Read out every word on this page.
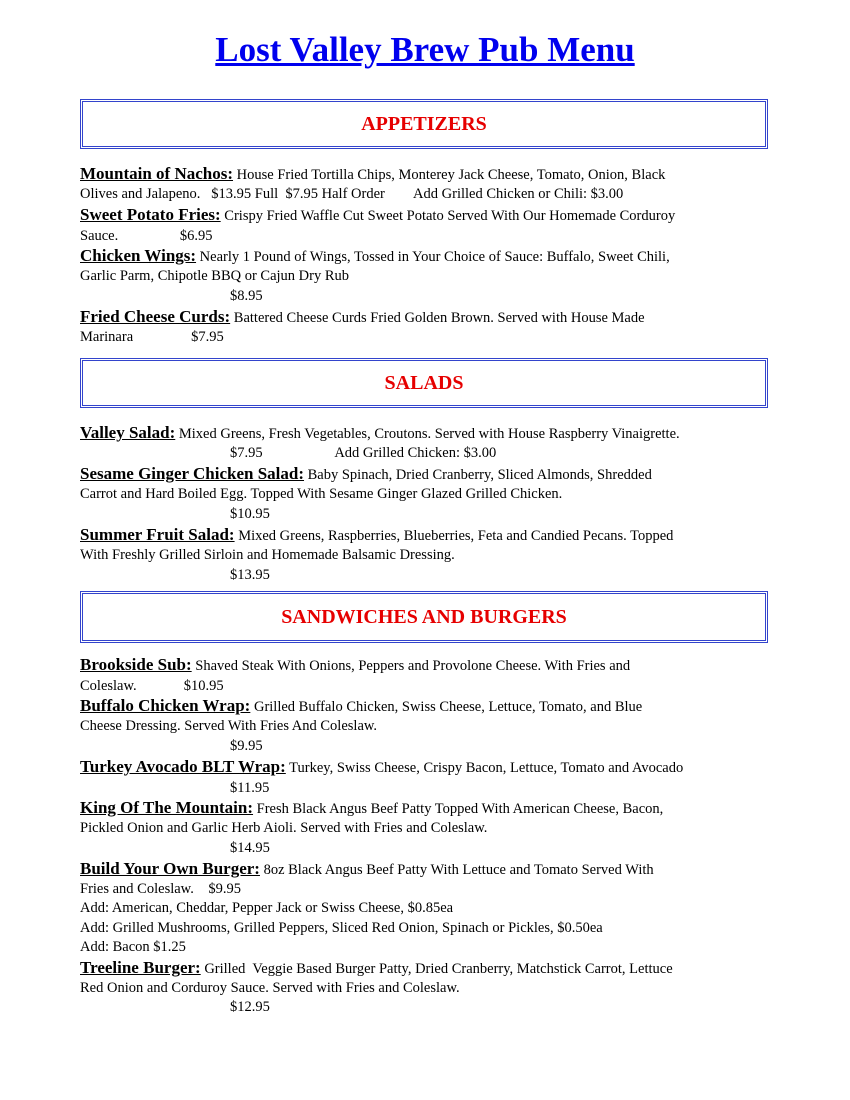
Lost Valley Brew Pub Menu
APPETIZERS
Mountain of Nachos: House Fried Tortilla Chips, Monterey Jack Cheese, Tomato, Onion, Black
Olives and Jalapeno.   $13.95 Full  $7.95 Half Order        Add Grilled Chicken or Chili: $3.00
Sweet Potato Fries: Crispy Fried Waffle Cut Sweet Potato Served With Our Homemade Corduroy
Sauce.                 $6.95
Chicken Wings: Nearly 1 Pound of Wings, Tossed in Your Choice of Sauce: Buffalo, Sweet Chili,
Garlic Parm, Chipotle BBQ or Cajun Dry Rub
$8.95
Fried Cheese Curds: Battered Cheese Curds Fried Golden Brown. Served with House Made
Marinara                $7.95
SALADS
Valley Salad: Mixed Greens, Fresh Vegetables, Croutons. Served with House Raspberry Vinaigrette.
$7.95                    Add Grilled Chicken: $3.00
Sesame Ginger Chicken Salad: Baby Spinach, Dried Cranberry, Sliced Almonds, Shredded
Carrot and Hard Boiled Egg. Topped With Sesame Ginger Glazed Grilled Chicken.
$10.95
Summer Fruit Salad: Mixed Greens, Raspberries, Blueberries, Feta and Candied Pecans. Topped
With Freshly Grilled Sirloin and Homemade Balsamic Dressing.
$13.95
SANDWICHES AND BURGERS
Brookside Sub: Shaved Steak With Onions, Peppers and Provolone Cheese. With Fries and
Coleslaw.             $10.95
Buffalo Chicken Wrap: Grilled Buffalo Chicken, Swiss Cheese, Lettuce, Tomato, and Blue
Cheese Dressing. Served With Fries And Coleslaw.
$9.95
Turkey Avocado BLT Wrap: Turkey, Swiss Cheese, Crispy Bacon, Lettuce, Tomato and Avocado
$11.95
King Of The Mountain: Fresh Black Angus Beef Patty Topped With American Cheese, Bacon,
Pickled Onion and Garlic Herb Aioli. Served with Fries and Coleslaw.
$14.95
Build Your Own Burger: 8oz Black Angus Beef Patty With Lettuce and Tomato Served With
Fries and Coleslaw.    $9.95
Add: American, Cheddar, Pepper Jack or Swiss Cheese, $0.85ea
Add: Grilled Mushrooms, Grilled Peppers, Sliced Red Onion, Spinach or Pickles, $0.50ea
Add: Bacon $1.25
Treeline Burger: Grilled  Veggie Based Burger Patty, Dried Cranberry, Matchstick Carrot, Lettuce
Red Onion and Corduroy Sauce. Served with Fries and Coleslaw.
$12.95
